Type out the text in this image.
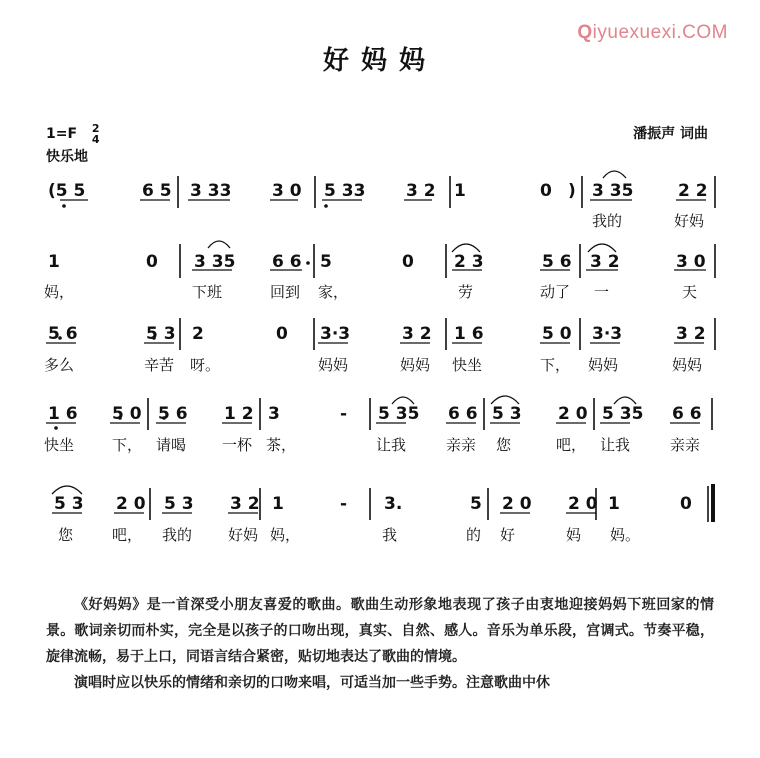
Qiyuexuexi.COM
好妈妈
1=F 2
4
快乐地
潘振声 词曲
(5 5	6 5 3 33 3 0 5 33 3 2 1	0 ) 3 35	2 2
我的	好妈
1	0 3 35 6 6 5	0 2 3	5 6 3 2	3 0
妈，	下班	回到 家，	劳	动了 一	天
5 6	5 3 2	0 3·3	3 2 1 6	5 0 3·3	3 2
多么	辛苦 呀。	妈妈	妈妈 快坐	下， 妈妈	妈妈
1 6 5 0 5 6 1 2 3	- 5 35 6 6 5 3 2 0 5 35 6 6
快坐	下， 请喝 一杯 茶，	让我	亲亲 您	吧， 让我	亲亲
5 3 2 0 5 3 3 2 1	- 3.	5 2 0 2 0 1	0
您	吧， 我的 好妈 妈，	我	的 好	妈 妈。

《好妈妈》是一首深受小朋友喜爱的歌曲。歌曲生动形象地表现了孩子由衷地迎接妈妈下班回家的情景。歌词亲切而朴实，完全是以孩子的口吻出现，真实、自然、感人。音乐为单乐段，宫调式。节奏平稳，旋律流畅，易于上口，同语言结合紧密，贴切地表达了歌曲的情境。

演唱时应以快乐的情绪和亲切的口吻来唱，可适当加一些手势。注意歌曲中休
